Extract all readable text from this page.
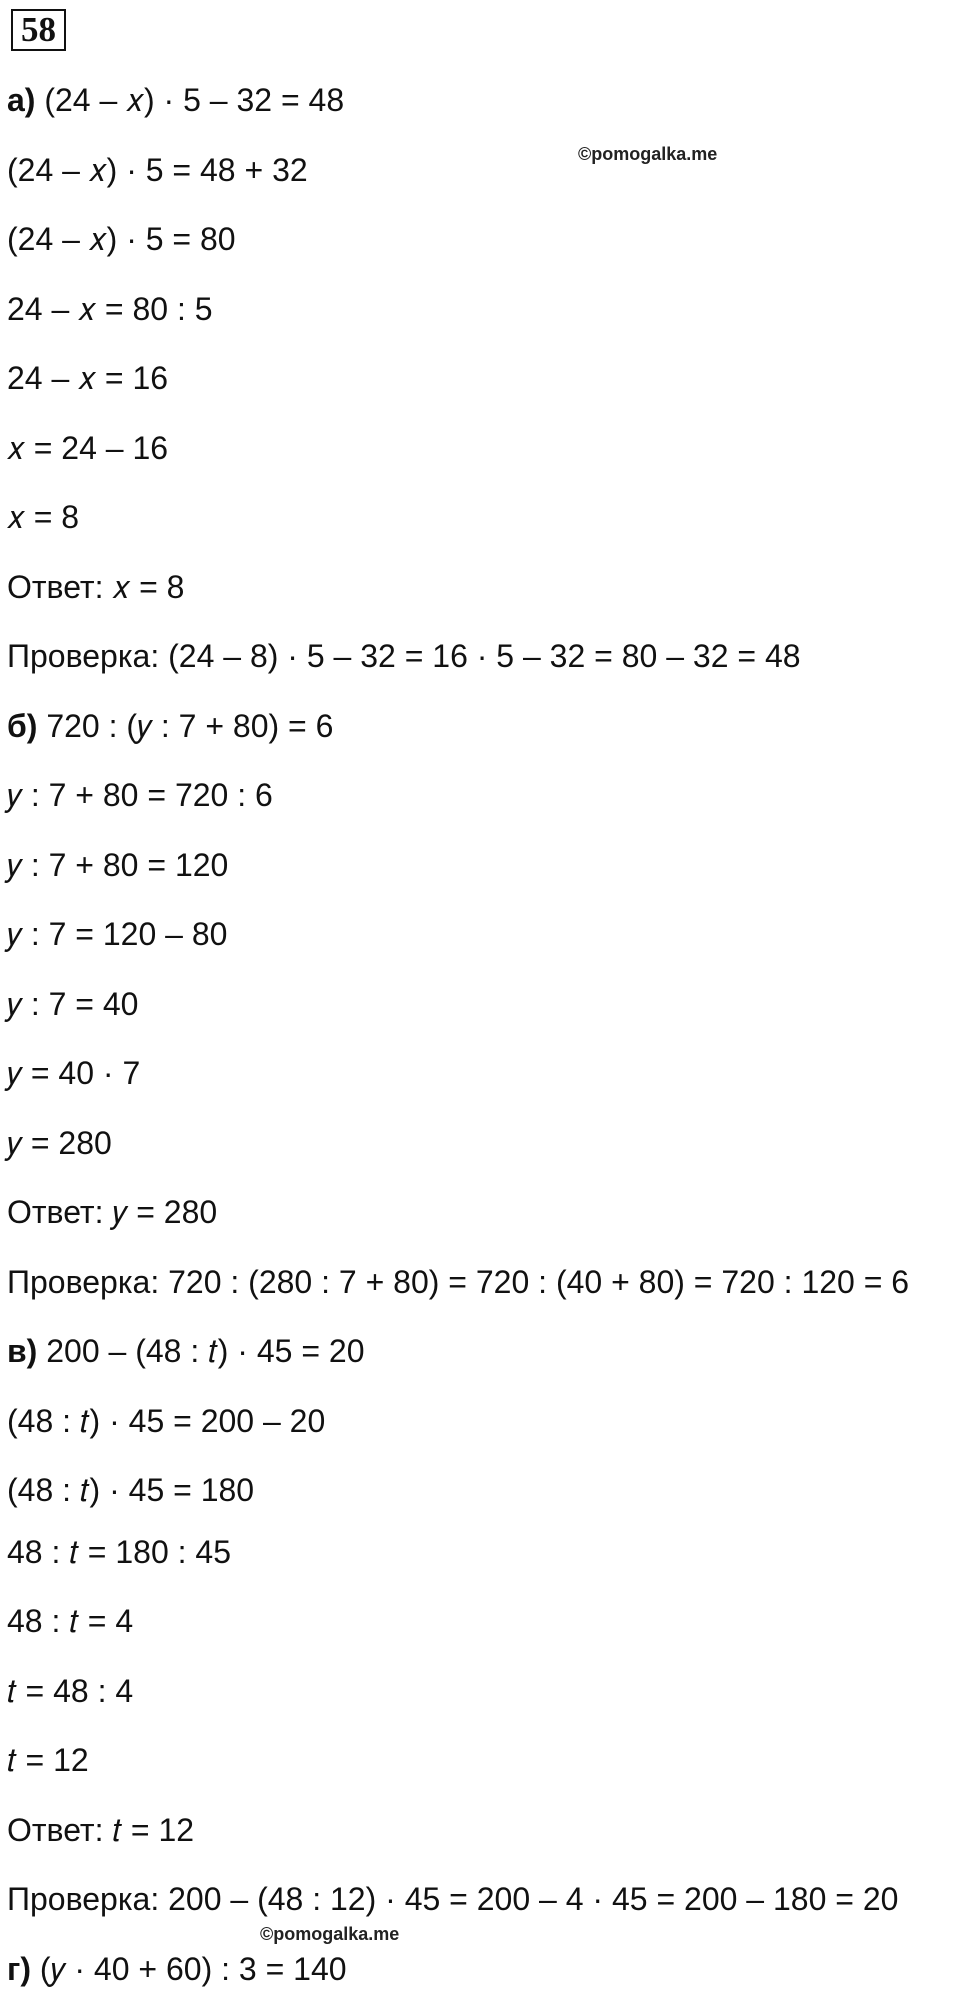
58
©pomogalka.me
©pomogalka.me
а) (24 – 𝑥) · 5 – 32 = 48
(24 – 𝑥) · 5 = 48 + 32
(24 – 𝑥) · 5 = 80
24 – 𝑥 = 80 : 5
24 – 𝑥 = 16
𝑥 = 24 – 16
𝑥 = 8
Ответ: 𝑥 = 8
Проверка: (24 – 8) · 5 – 32 = 16 · 5 – 32 = 80 – 32 = 48
б) 720 : (𝑦 : 7 + 80) = 6
𝑦 : 7 + 80 = 720 : 6
𝑦 : 7 + 80 = 120
𝑦 : 7 = 120 – 80
𝑦 : 7 = 40
𝑦 = 40 · 7
𝑦 = 280
Ответ: 𝑦 = 280
Проверка: 720 : (280 : 7 + 80) = 720 : (40 + 80) = 720 : 120 = 6
в) 200 – (48 : 𝑡) · 45 = 20
(48 : 𝑡) · 45 = 200 – 20
(48 : 𝑡) · 45 = 180
48 : 𝑡 = 180 : 45
48 : 𝑡 = 4
𝑡 = 48 : 4
𝑡 = 12
Ответ: 𝑡 = 12
Проверка: 200 – (48 : 12) · 45 = 200 – 4 · 45 = 200 – 180 = 20
г) (𝑦 · 40 + 60) : 3 = 140
